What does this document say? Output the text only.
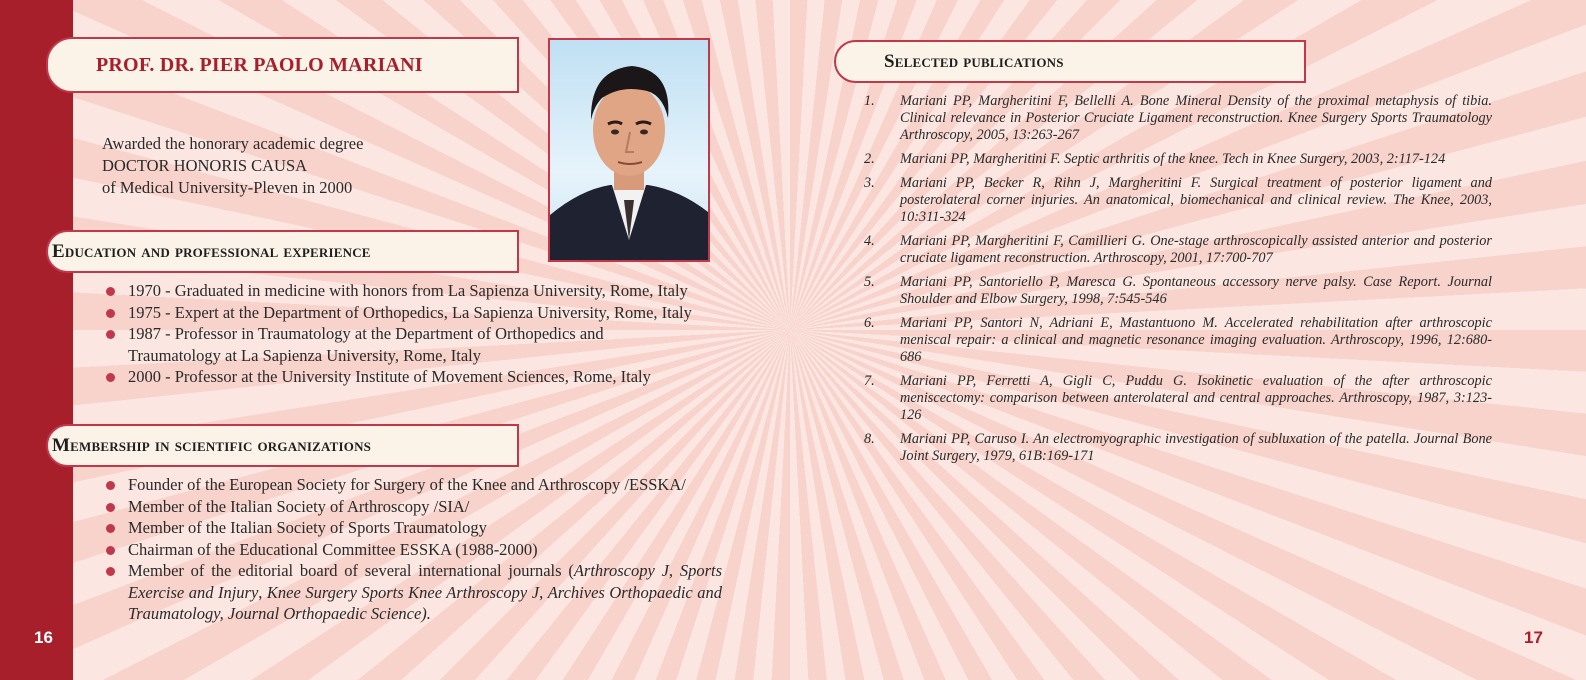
16	17
PROF. DR. PIER PAOLO MARIANI
Awarded the honorary academic degree
DOCTOR HONORIS CAUSA
of Medical University-Pleven in 2000
Education and professional experience
1970 - Graduated in medicine with honors from La Sapienza University, Rome, Italy
1975 - Expert at the Department of Orthopedics, La Sapienza University, Rome, Italy
1987 - Professor in Traumatology at the Department of Orthopedics and Traumatology at La Sapienza University, Rome, Italy
2000 - Professor at the University Institute of Movement Sciences, Rome, Italy
Membership in scientific organizations
Founder of the European Society for Surgery of the Knee and Arthroscopy /ESSKA/
Member of the Italian Society of Arthroscopy /SIA/
Member of the Italian Society of Sports Traumatology
Chairman of the Educational Committee ESSKA (1988-2000)
Member of the editorial board of several international journals (Arthroscopy J, Sports Exercise and Injury, Knee Surgery Sports Knee Arthroscopy J, Archives Orthopaedic and Traumatology, Journal Orthopaedic Science).
Selected publications
1. Mariani PP, Margheritini F, Bellelli A. Bone Mineral Density of the proximal metaphysis of tibia. Clinical relevance in Posterior Cruciate Ligament reconstruction. Knee Surgery Sports Traumatology Arthroscopy, 2005, 13:263-267
2. Mariani PP, Margheritini F. Septic arthritis of the knee. Tech in Knee Surgery, 2003, 2:117-124
3. Mariani PP, Becker R, Rihn J, Margheritini F. Surgical treatment of posterior ligament and posterolateral corner injuries. An anatomical, biomechanical and clinical review. The Knee, 2003, 10:311-324
4. Mariani PP, Margheritini F, Camillieri G. One-stage arthroscopically assisted anterior and posterior cruciate ligament reconstruction. Arthroscopy, 2001, 17:700-707
5. Mariani PP, Santoriello P, Maresca G. Spontaneous accessory nerve palsy. Case Report. Journal Shoulder and Elbow Surgery, 1998, 7:545-546
6. Mariani PP, Santori N, Adriani E, Mastantuono M. Accelerated rehabilitation after arthroscopic meniscal repair: a clinical and magnetic resonance imaging evaluation. Arthroscopy, 1996, 12:680-686
7. Mariani PP, Ferretti A, Gigli C, Puddu G. Isokinetic evaluation of the after arthroscopic meniscectomy: comparison between anterolateral and central approaches. Arthroscopy, 1987, 3:123-126
8. Mariani PP, Caruso I. An electromyographic investigation of subluxation of the patella. Journal Bone Joint Surgery, 1979, 61B:169-171
